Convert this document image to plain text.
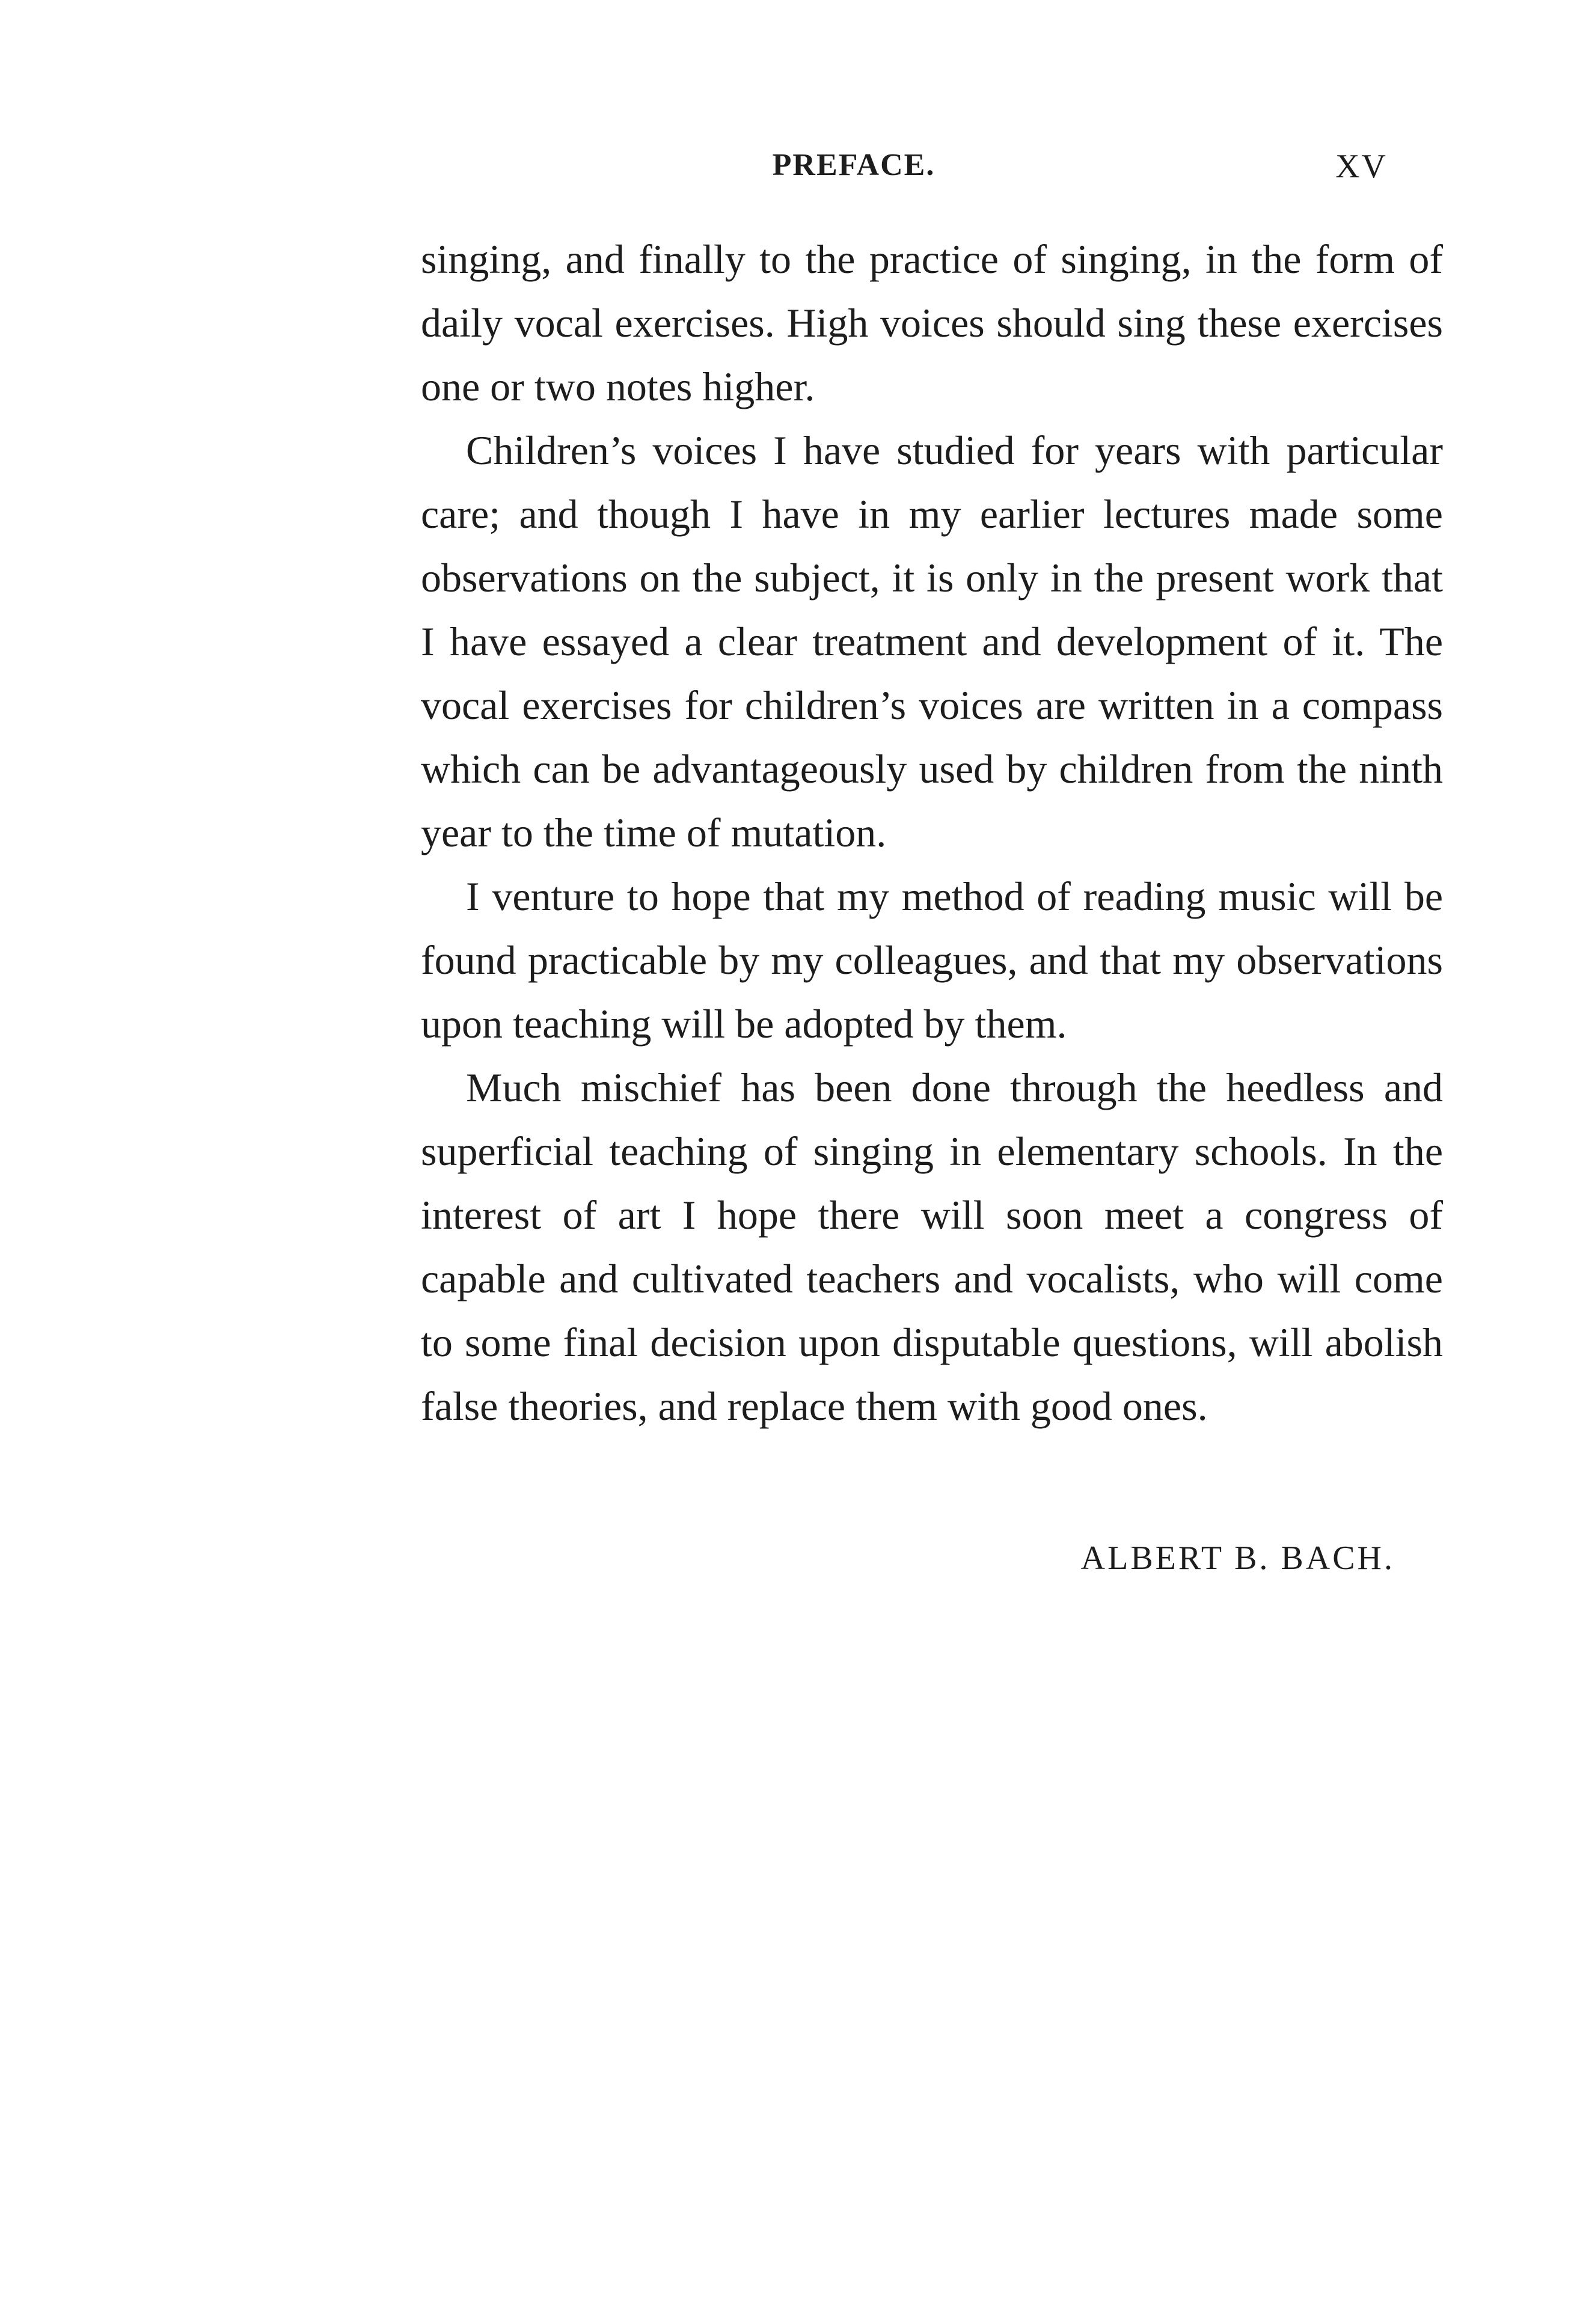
PREFACE.	XV

singing, and finally to the practice of singing, in the form of daily vocal exercises. High voices should sing these exercises one or two notes higher.

Children’s voices I have studied for years with particular care; and though I have in my earlier lectures made some observations on the subject, it is only in the present work that I have essayed a clear treatment and development of it. The vocal exercises for children’s voices are written in a compass which can be advantageously used by children from the ninth year to the time of mutation.

I venture to hope that my method of reading music will be found practicable by my colleagues, and that my observations upon teaching will be adopted by them.

Much mischief has been done through the heedless and superficial teaching of singing in elementary schools. In the interest of art I hope there will soon meet a congress of capable and cultivated teachers and vocalists, who will come to some final decision upon disputable questions, will abolish false theories, and replace them with good ones.

ALBERT B. BACH.
